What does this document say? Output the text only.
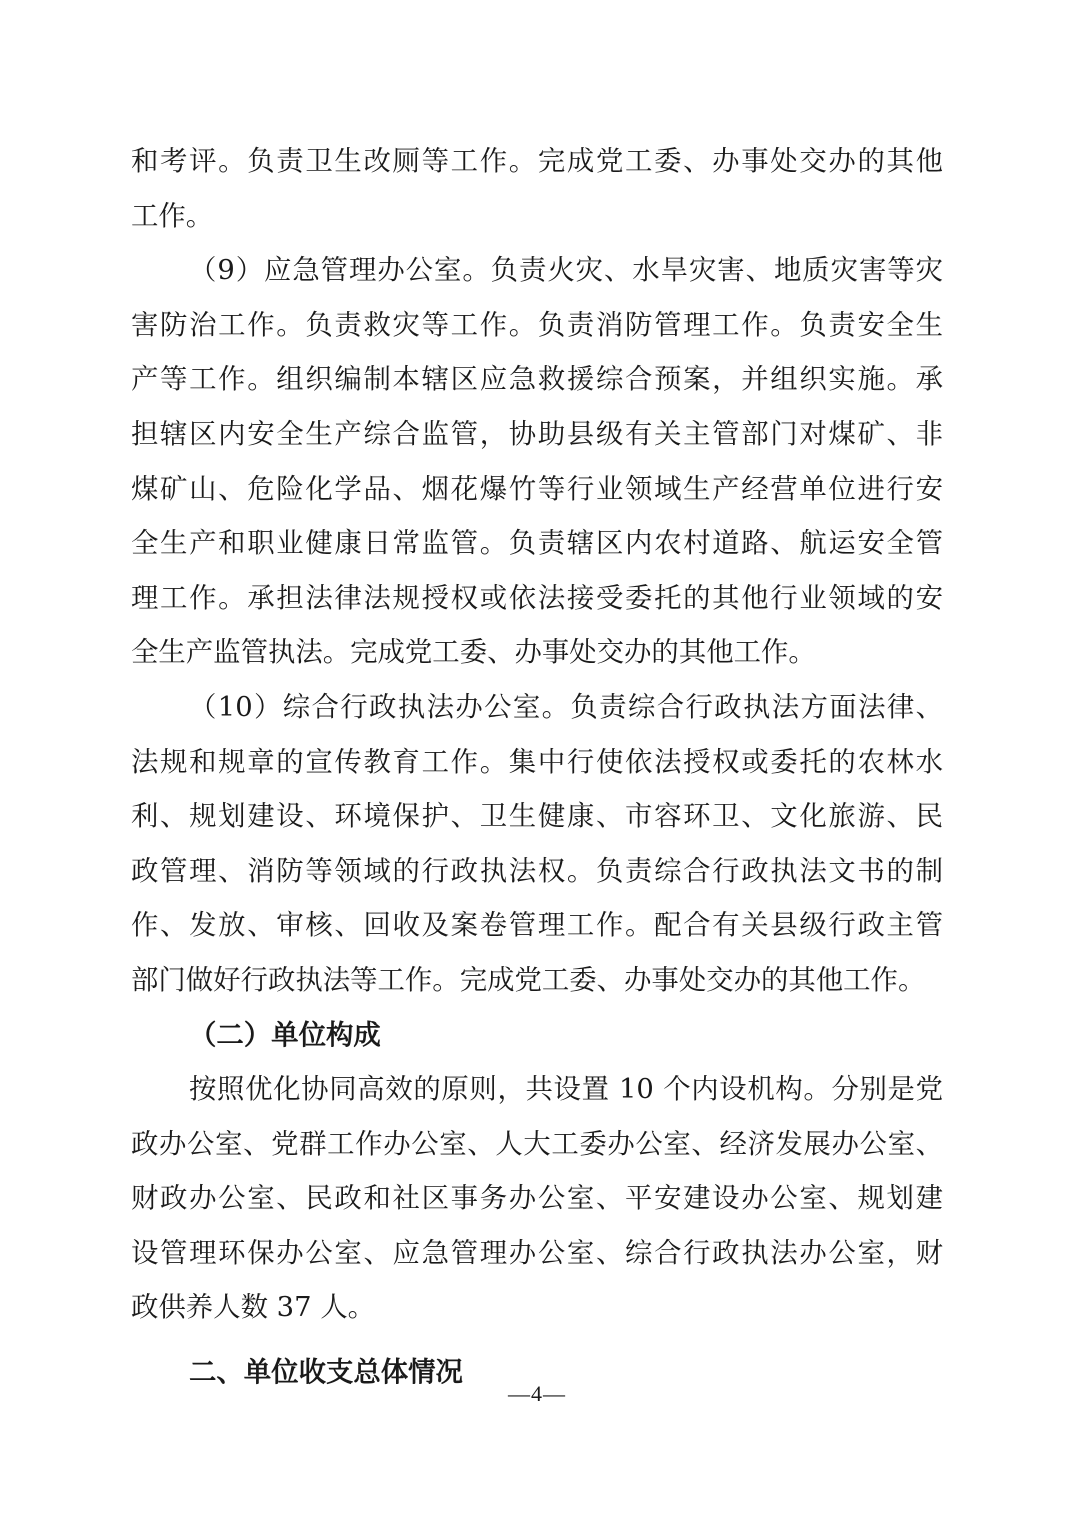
和考评。负责卫生改厕等工作。完成党工委、办事处交办的其他
工作。
（9）应急管理办公室。负责火灾、水旱灾害、地质灾害等灾
害防治工作。负责救灾等工作。负责消防管理工作。负责安全生
产等工作。组织编制本辖区应急救援综合预案，并组织实施。承
担辖区内安全生产综合监管，协助县级有关主管部门对煤矿、非
煤矿山、危险化学品、烟花爆竹等行业领域生产经营单位进行安
全生产和职业健康日常监管。负责辖区内农村道路、航运安全管
理工作。承担法律法规授权或依法接受委托的其他行业领域的安
全生产监管执法。完成党工委、办事处交办的其他工作。
（10）综合行政执法办公室。负责综合行政执法方面法律、
法规和规章的宣传教育工作。集中行使依法授权或委托的农林水
利、规划建设、环境保护、卫生健康、市容环卫、文化旅游、民
政管理、消防等领域的行政执法权。负责综合行政执法文书的制
作、发放、审核、回收及案卷管理工作。配合有关县级行政主管
部门做好行政执法等工作。完成党工委、办事处交办的其他工作。
（二）单位构成
按照优化协同高效的原则，共设置 10 个内设机构。分别是党
政办公室、党群工作办公室、人大工委办公室、经济发展办公室、
财政办公室、民政和社区事务办公室、平安建设办公室、规划建
设管理环保办公室、应急管理办公室、综合行政执法办公室，财
政供养人数 37 人。
二、单位收支总体情况
—4—
